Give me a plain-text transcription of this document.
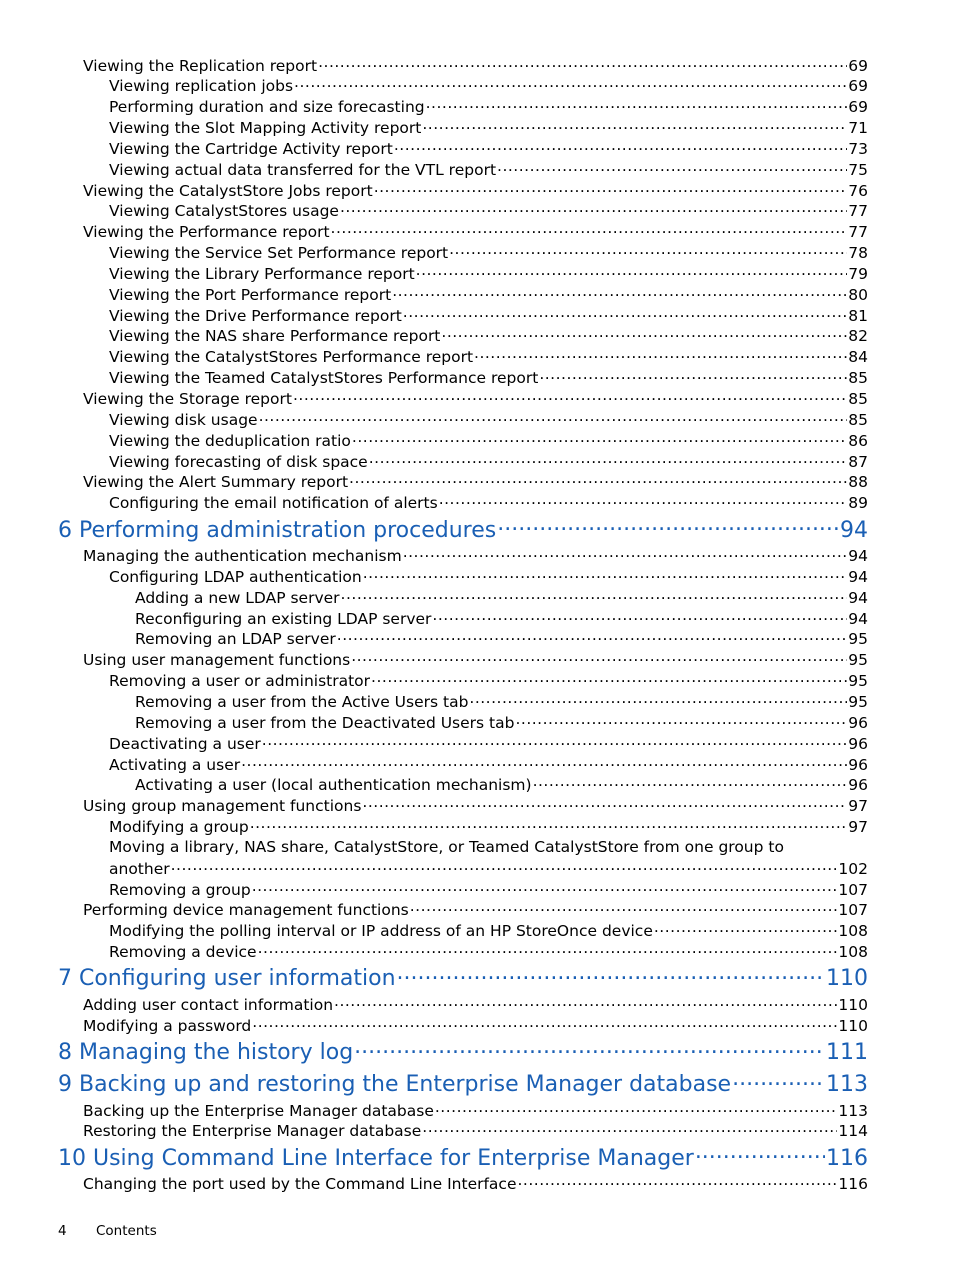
Viewing the Replication report .....	69
Viewing replication jobs .....	69
Performing duration and size forecasting .....	69
Viewing the Slot Mapping Activity report .....	71
Viewing the Cartridge Activity report .....	73
Viewing actual data transferred for the VTL report .....	75
Viewing the CatalystStore Jobs report .....	76
Viewing CatalystStores usage .....	77
Viewing the Performance report .....	77
Viewing the Service Set Performance report .....	78
Viewing the Library Performance report .....	79
Viewing the Port Performance report .....	80
Viewing the Drive Performance report .....	81
Viewing the NAS share Performance report .....	82
Viewing the CatalystStores Performance report .....	84
Viewing the Teamed CatalystStores Performance report .....	85
Viewing the Storage report .....	85
Viewing disk usage .....	85
Viewing the deduplication ratio .....	86
Viewing forecasting of disk space .....	87
Viewing the Alert Summary report .....	88
Configuring the email notification of alerts .....	89
6 Performing administration procedures .....	94
Managing the authentication mechanism .....	94
Configuring LDAP authentication .....	94
Adding a new LDAP server .....	94
Reconfiguring an existing LDAP server .....	94
Removing an LDAP server .....	95
Using user management functions .....	95
Removing a user or administrator .....	95
Removing a user from the Active Users tab .....	95
Removing a user from the Deactivated Users tab .....	96
Deactivating a user .....	96
Activating a user .....	96
Activating a user (local authentication mechanism) .....	96
Using group management functions .....	97
Modifying a group .....	97
Moving a library, NAS share, CatalystStore, or Teamed CatalystStore from one group to
another .....	102
Removing a group .....	107
Performing device management functions .....	107
Modifying the polling interval or IP address of an HP StoreOnce device .....	108
Removing a device .....	108
7 Configuring user information .....	110
Adding user contact information .....	110
Modifying a password .....	110
8 Managing the history log .....	111
9 Backing up and restoring the Enterprise Manager database .....	113
Backing up the Enterprise Manager database .....	113
Restoring the Enterprise Manager database .....	114
10 Using Command Line Interface for Enterprise Manager .....	116
Changing the port used by the Command Line Interface .....	116
4 Contents
